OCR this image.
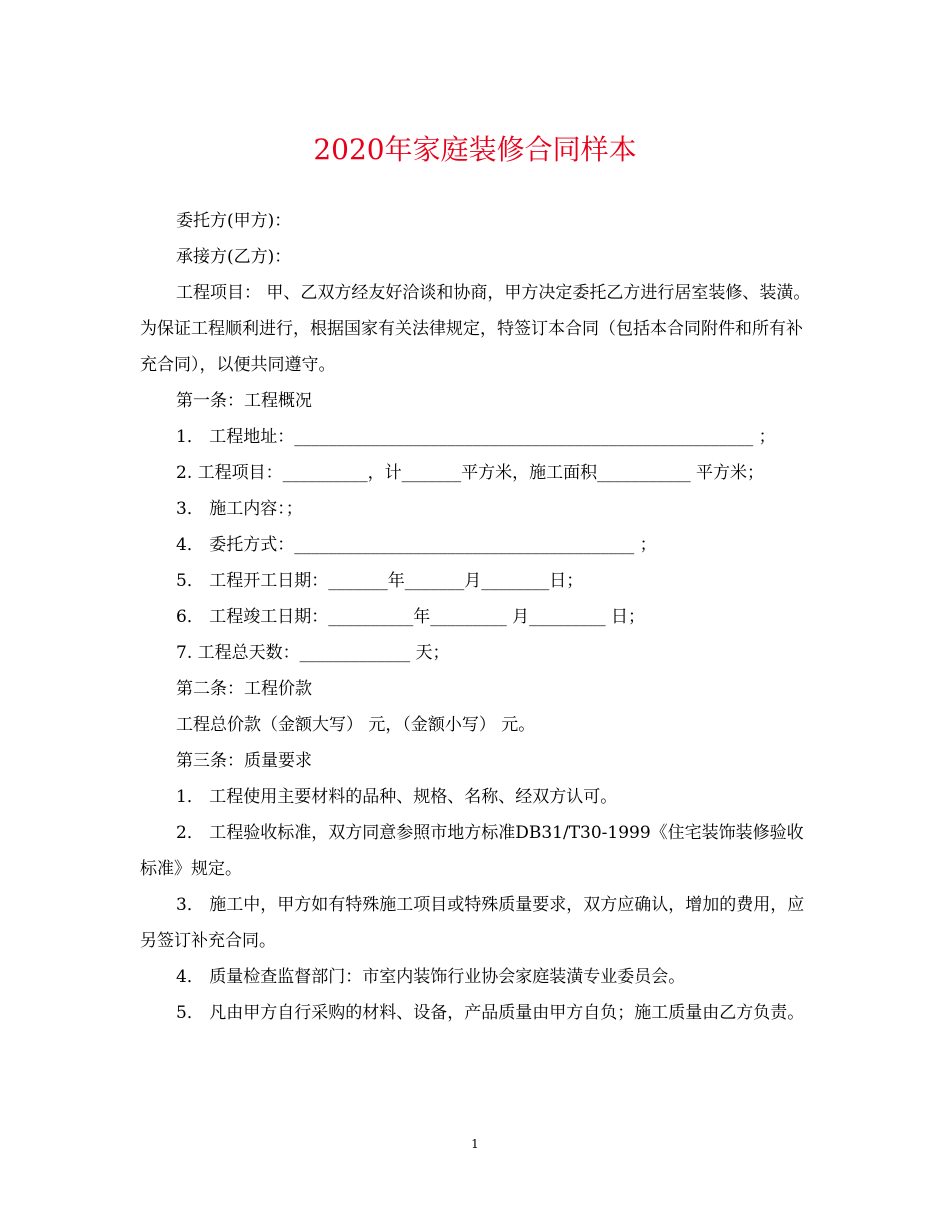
2020年家庭装修合同样本

委托方(甲方)：

承接方(乙方)：

工程项目： 甲、乙双方经友好洽谈和协商，甲方决定委托乙方进行居室装修、装潢。为保证工程顺利进行，根据国家有关法律规定，特签订本合同（包括本合同附件和所有补充合同），以便共同遵守。

第一条：工程概况

1． 工程地址：______________________________________________________ ；

2. 工程项目：__________，计_______平方米，施工面积___________ 平方米；

3． 施工内容：；

4． 委托方式：________________________________________ ；

5． 工程开工日期：_______年_______月________日；

6． 工程竣工日期：__________年_________ 月_________ 日；

7. 工程总天数：_____________ 天；

第二条：工程价款

工程总价款（金额大写） 元，（金额小写） 元。

第三条：质量要求

1． 工程使用主要材料的品种、规格、名称、经双方认可。

2． 工程验收标准，双方同意参照市地方标准DB31/T30-1999《住宅装饰装修验收标准》规定。

3． 施工中，甲方如有特殊施工项目或特殊质量要求，双方应确认，增加的费用，应另签订补充合同。

4． 质量检查监督部门：市室内装饰行业协会家庭装潢专业委员会。

5． 凡由甲方自行采购的材料、设备，产品质量由甲方自负；施工质量由乙方负责。

1
